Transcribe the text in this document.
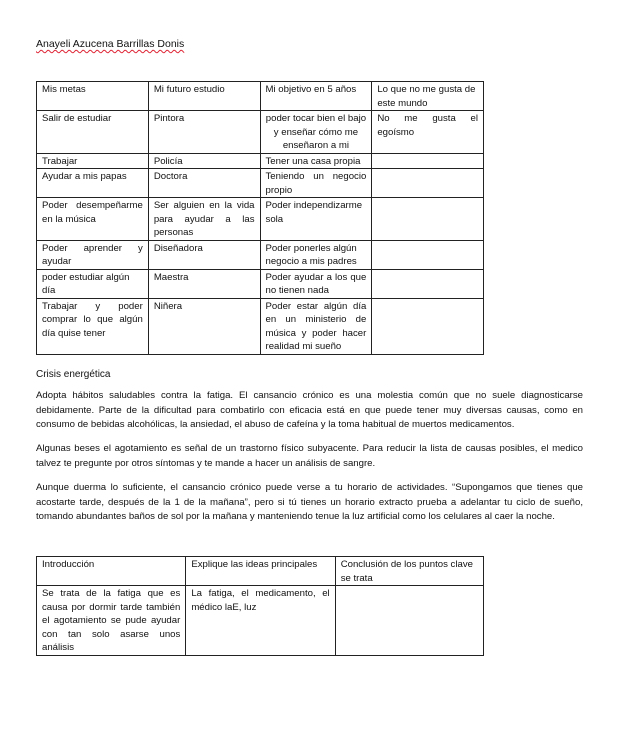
Anayeli Azucena Barrillas Donis
Mis metas	Mi futuro estudio	Mi objetivo en 5 años	Lo que no me gusta de este mundo
Salir de estudiar	Pintora	poder tocar bien el bajo y enseñar cómo me enseñaron a mi	No me gusta el egoísmo
Trabajar	Policía	Tener una casa propia	
Ayudar a mis papas	Doctora	Teniendo un negocio propio	
Poder desempeñarme en la música	Ser alguien en la vida para ayudar a las personas	Poder independizarme sola	
Poder aprender y ayudar	Diseñadora	Poder ponerles algún negocio a mis padres	
poder estudiar algún día	Maestra	Poder ayudar a los que no tienen nada	
Trabajar y poder comprar lo que algún día quise tener	Niñera	Poder estar algún día en un ministerio de música y poder hacer realidad mi sueño	
Crisis energética
Adopta hábitos saludables contra la fatiga. El cansancio crónico es una molestia común que no suele diagnosticarse debidamente. Parte de la dificultad para combatirlo con eficacia está en que puede tener muy diversas causas, como en consumo de bebidas alcohólicas, la ansiedad, el abuso de cafeína y la toma habitual de muertos medicamentos.
Algunas beses el agotamiento es señal de un trastorno físico subyacente. Para reducir la lista de causas posibles, el medico talvez te pregunte por otros síntomas y te mande a hacer un análisis de sangre.
Aunque duerma lo suficiente, el cansancio crónico puede verse a tu horario de actividades. “Supongamos que tienes que acostarte tarde, después de la 1 de la mañana”, pero si tú tienes un horario extracto prueba a adelantar tu ciclo de sueño, tomando abundantes baños de sol por la mañana y manteniendo tenue la luz artificial como los celulares al caer la noche.
Introducción	Explique las ideas principales	Conclusión de los puntos clave se trata
Se trata de la fatiga que es causa por dormir tarde también el agotamiento se pude ayudar con tan solo asarse unos análisis	La fatiga, el medicamento, el médico laE, luz	
